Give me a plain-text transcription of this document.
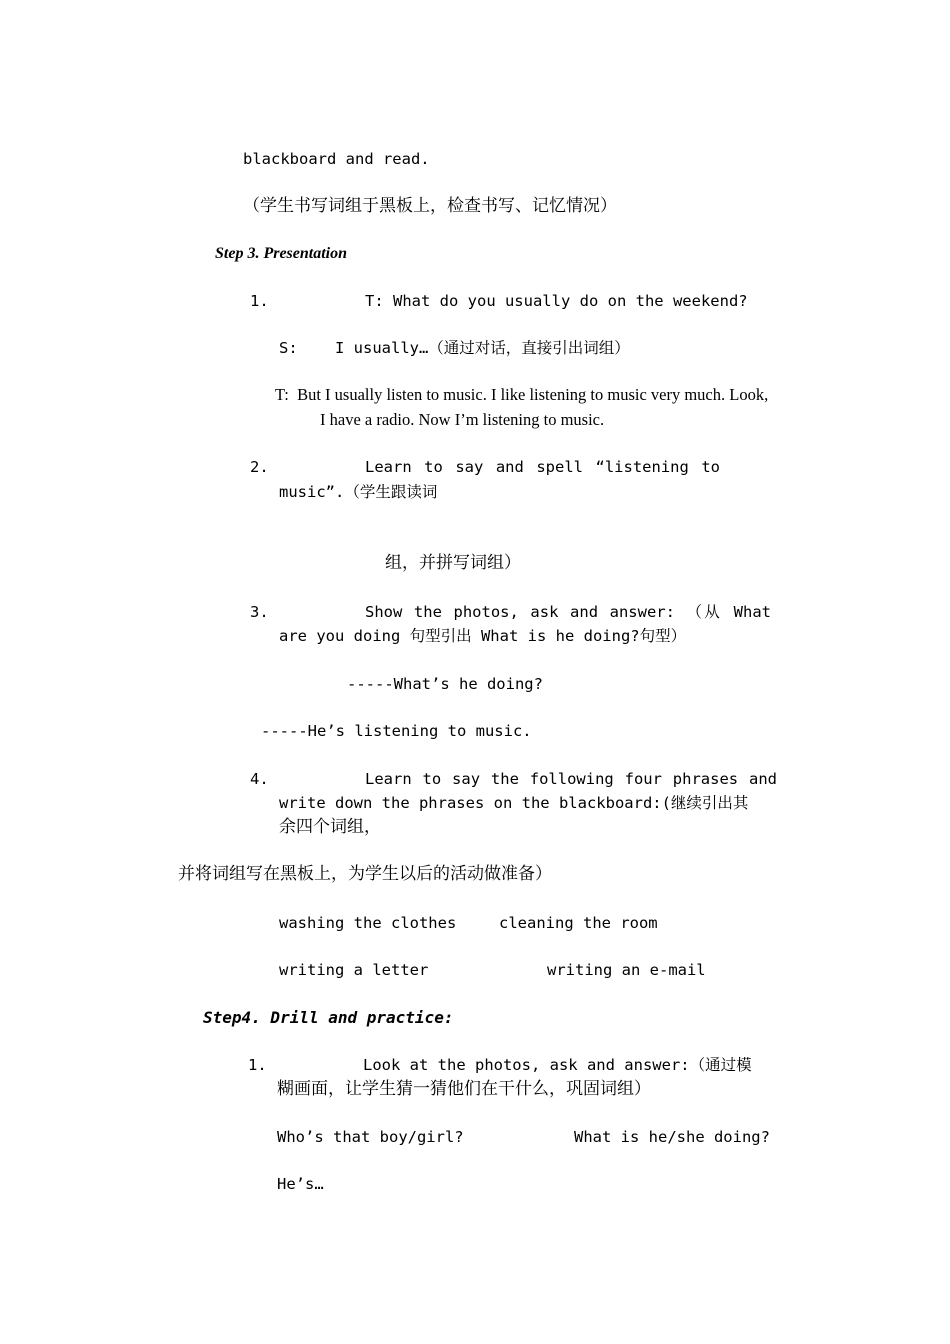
blackboard and read.

（学生书写词组于黑板上，检查书写、记忆情况）

Step 3. Presentation

1.	T: What do you usually do on the weekend?

S:    I usually…（通过对话，直接引出词组）

T:  But I usually listen to music. I like listening to music very much. Look,

I have a radio. Now I’m listening to music.

2.	Learn to say and spell “listening to

music”.（学生跟读词

组，并拼写词组）

3.	Show the photos, ask and answer: （从 What

are you doing 句型引出 What is he doing?句型）

-----What’s he doing?

-----He’s listening to music.

4.	Learn to say the following four phrases and

write down the phrases on the blackboard:(继续引出其

余四个词组，

并将词组写在黑板上，为学生以后的活动做准备）

washing the clothes	cleaning the room

writing a letter	writing an e-mail

Step4. Drill and practice:

1.	Look at the photos, ask and answer:（通过模

糊画面，让学生猜一猜他们在干什么，巩固词组）

Who’s that boy/girl?	What is he/she doing?

He’s…
